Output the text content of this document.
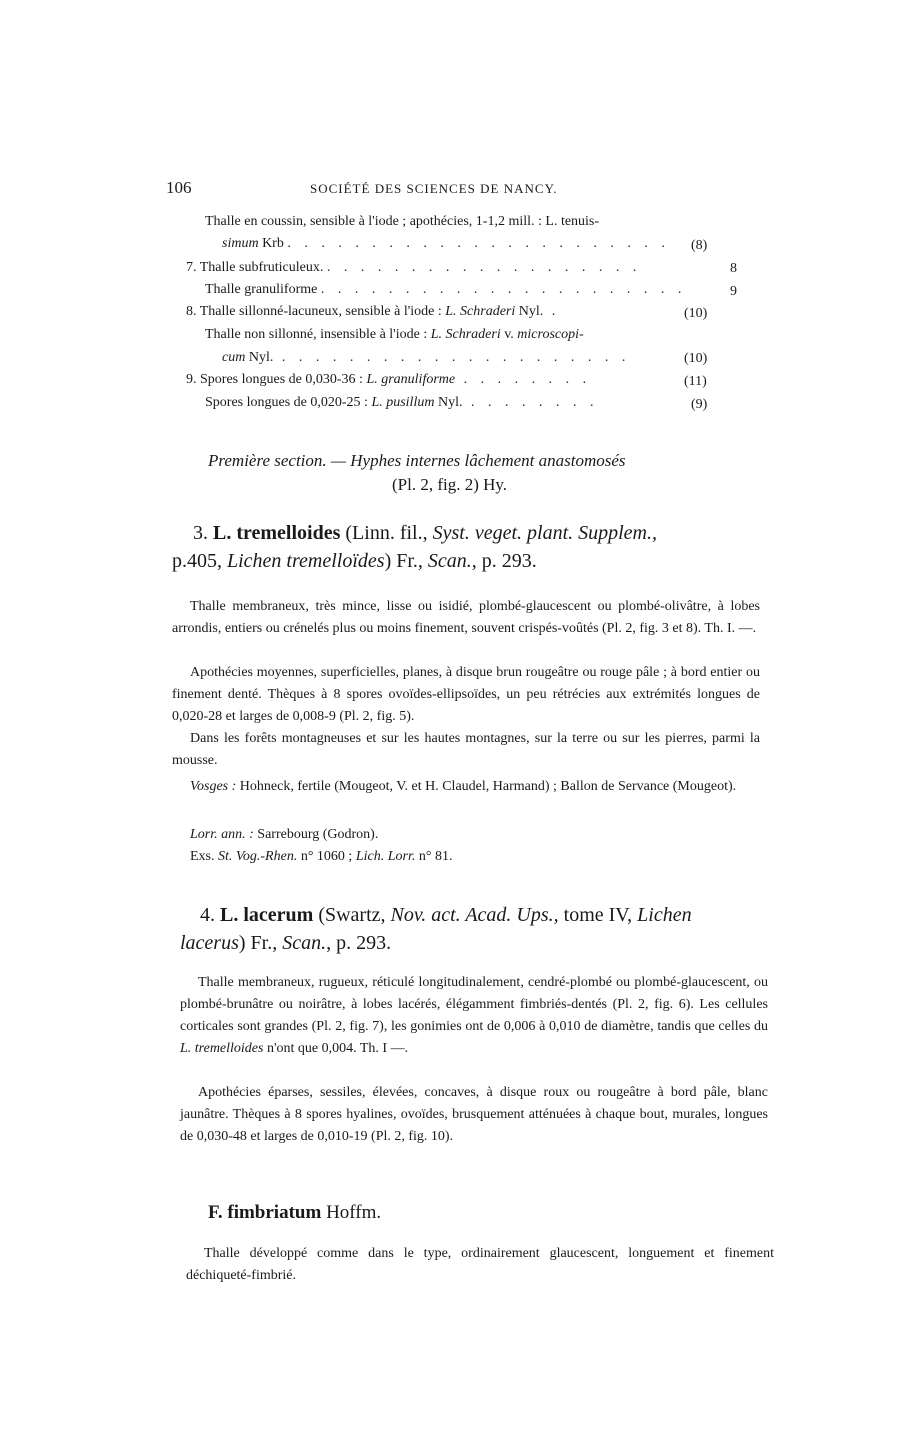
106	SOCIÉTÉ DES SCIENCES DE NANCY.
Thalle en coussin, sensible à l'iode ; apothécies, 1-1,2 mill. : L. tenuis-
simum Krb . . . . . . . . . . . . . . . . . . . . . . . (8)
7. Thalle subfruticuleux. . . . . . . . . . . . . . . . . . . .	8
Thalle granuliforme . . . . . . . . . . . . . . . . . . . . . .	9
8. Thalle sillonné-lacuneux, sensible à l'iode : L. Schraderi Nyl. .	(10)
Thalle non sillonné, insensible à l'iode : L. Schraderi v. microscopi-
cum Nyl. . . . . . . . . . . . . . . . . . . . . .	(10)
9. Spores longues de 0,030-36 : L. granuliforme . . . . . . . .	(11)
Spores longues de 0,020-25 : L. pusillum Nyl. . . . . . . . .	(9)
Première section. — Hyphes internes lâchement anastomosés
(Pl. 2, fig. 2) Hy.
3. L. tremelloides (Linn. fil., Syst. veget. plant. Supplem.,
p.405, Lichen tremelloïdes) Fr., Scan., p. 293.
Thalle membraneux, très mince, lisse ou isidié, plombé-glaucescent ou plombé-olivâtre, à lobes arrondis, entiers ou crénelés plus ou moins finement, souvent crispés-voûtés (Pl. 2, fig. 3 et 8). Th. I. —.
Apothécies moyennes, superficielles, planes, à disque brun rougeâtre ou rouge pâle ; à bord entier ou finement denté. Thèques à 8 spores ovoïdes-ellipsoïdes, un peu rétrécies aux extrémités longues de 0,020-28 et larges de 0,008-9 (Pl. 2, fig. 5).
Dans les forêts montagneuses et sur les hautes montagnes, sur la terre ou sur les pierres, parmi la mousse.
Vosges : Hohneck, fertile (Mougeot, V. et H. Claudel, Harmand) ; Ballon de Servance (Mougeot).
Lorr. ann. : Sarrebourg (Godron).
Exs. St. Vog.-Rhen. n° 1060 ; Lich. Lorr. n° 81.
4. L. lacerum (Swartz, Nov. act. Acad. Ups., tome IV, Lichen
lacerus) Fr., Scan., p. 293.
Thalle membraneux, rugueux, réticulé longitudinalement, cendré-plombé ou plombé-glaucescent, ou plombé-brunâtre ou noirâtre, à lobes lacérés, élégamment fimbriés-dentés (Pl. 2, fig. 6). Les cellules corticales sont grandes (Pl. 2, fig. 7), les gonimies ont de 0,006 à 0,010 de diamètre, tandis que celles du L. tremelloides n'ont que 0,004. Th. I —.
Apothécies éparses, sessiles, élevées, concaves, à disque roux ou rougeâtre à bord pâle, blanc jaunâtre. Thèques à 8 spores hyalines, ovoïdes, brusquement atténuées à chaque bout, murales, longues de 0,030-48 et larges de 0,010-19 (Pl. 2, fig. 10).
F. fimbriatum Hoffm.
Thalle développé comme dans le type, ordinairement glaucescent, longuement et finement déchiqueté-fimbrié.
